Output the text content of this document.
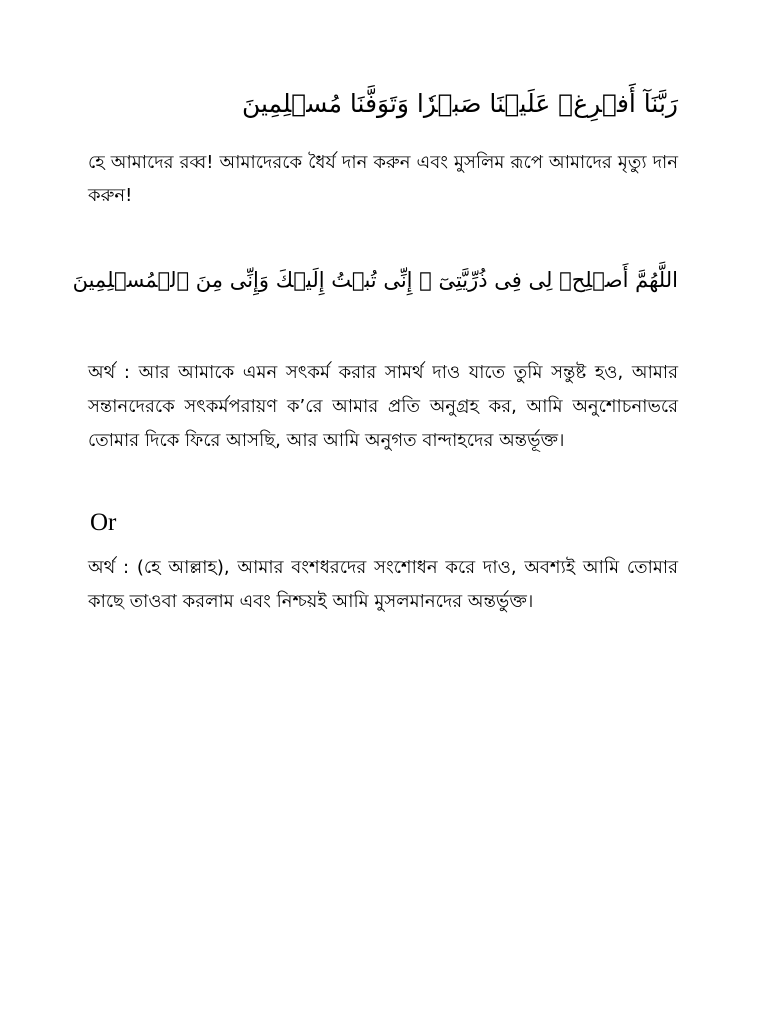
رَبَّنَآ أَفۡرِغۡ عَلَيۡنَا صَبۡرٗا وَتَوَفَّنَا مُسۡلِمِينَ
হে আমাদের রব্ব! আমাদেরকে ধৈর্য দান করুন এবং মুসলিম রূপে আমাদের মৃত্যু দান করুন!
اللَّهُمَّ أَصۡلِحۡ لِى فِى ذُرِّيَّتِىٓ ۖ إِنِّى تُبۡتُ إِلَيۡكَ وَإِنِّى مِنَ ٱلۡمُسۡلِمِينَ
অর্থ : আর আমাকে এমন সৎকর্ম করার সামর্থ দাও যাতে তুমি সন্তুষ্ট হও, আমার সন্তানদেরকে সৎকর্মপরায়ণ ক’রে আমার প্রতি অনুগ্রহ কর, আমি অনুশোচনাভরে তোমার দিকে ফিরে আসছি, আর আমি অনুগত বান্দাহদের অন্তর্ভূক্ত।
Or
অর্থ : (হে আল্লাহ), আমার বংশধরদের সংশোধন করে দাও, অবশ্যই আমি তোমার কাছে তাওবা করলাম এবং নিশ্চয়ই আমি মুসলমানদের অন্তর্ভুক্ত।
